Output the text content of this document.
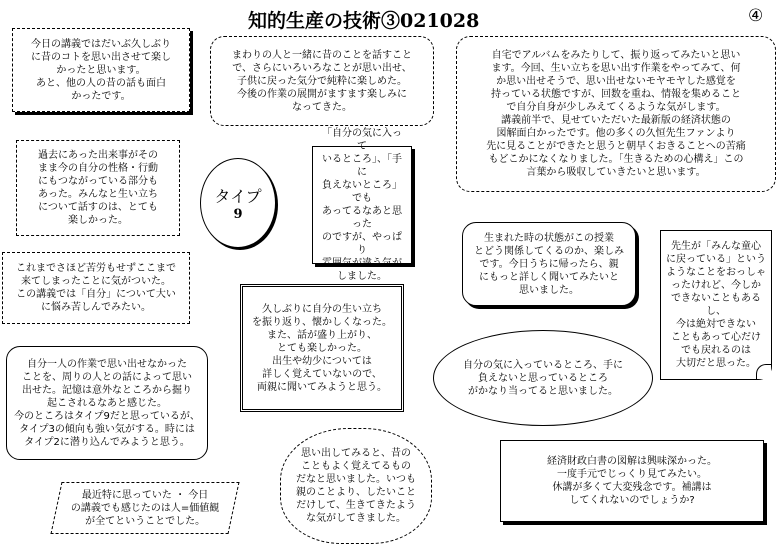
知的生産の技術③021028	④
今日の講義ではだいぶ久しぶり
に昔のコトを思い出させて楽し
かったと思います。
あと、他の人の昔の話も面白
かったです。
まわりの人と一緒に昔のことを話すこと
で、さらにいろいろなことが思い出せ、
子供に戻った気分で純粋に楽しめた。
今後の作業の展開がますます楽しみに
なってきた。
自宅でアルバムをみたりして、振り返ってみたいと思い
ます。今回、生い立ちを思い出す作業をやってみて、何
か思い出せそうで、思い出せないモヤモヤした感覚を
持っている状態ですが、回数を重ね、情報を集めること
で自分自身が少しみえてくるような気がします。
講義前半で、見せていただいた最新版の経済状態の
図解面白かったです。他の多くの久恒先生ファンより
先に見ることができたと思うと朝早くおきることへの苦痛
もどこかになくなりました。「生きるための心構え」この
言葉から吸収していきたいと思います。
過去にあった出来事がその
まま今の自分の性格・行動
にもつながっている部分も
あった。みんなと生い立ち
について話すのは、とても
楽しかった。
タイプ
9
「自分の気に入って
いるところ」、「手に
負えないところ」でも
あってるなあと思った
のですが、やっぱり
雰囲気が違う気が
しました。
生まれた時の状態がこの授業
とどう関係してくるのか、楽しみ
です。今日うちに帰ったら、親
にもっと詳しく聞いてみたいと
思いました。
先生が「みんな童心
に戻っている」という
ようなことをおっしゃ
ったけれど、今しか
できないこともあるし、
今は絶対できない
こともあって心だけ
でも戻れるのは
大切だと思った。
これまでさほど苦労もせずここまで
来てしまったことに気がついた。
この講義では「自分」について大い
に悩み苦しんでみたい。	久しぶりに自分の生い立ち
を振り返り、懐かしくなった。
また、話が盛り上がり、
とても楽しかった。
出生や幼少については
詳しく覚えていないので、
両親に聞いてみようと思う。
自分の気に入っているところ、手に
負えないと思っているところ
がかなり当ってると思いました。
自分一人の作業で思い出せなかった
ことを、周りの人との話によって思い
出せた。記憶は意外なところから掘り
起こされるなあと感じた。
今のところはタイプ9だと思っているが、
タイプ3の傾向も強い気がする。時には
タイプ2に潜り込んでみようと思う。
思い出してみると、昔の
こともよく覚えてるもの
だなと思いました。いつも
親のことより、したいこと
だけして、生きてきたよう
な気がしてきました。
経済財政白書の図解は興味深かった。
一度手元でじっくり見てみたい。
休講が多くて大変残念です。補講は
してくれないのでしょうか?
最近特に思っていた ・ 今日
の講義でも感じたのは人=価値観
が全てということでした。
